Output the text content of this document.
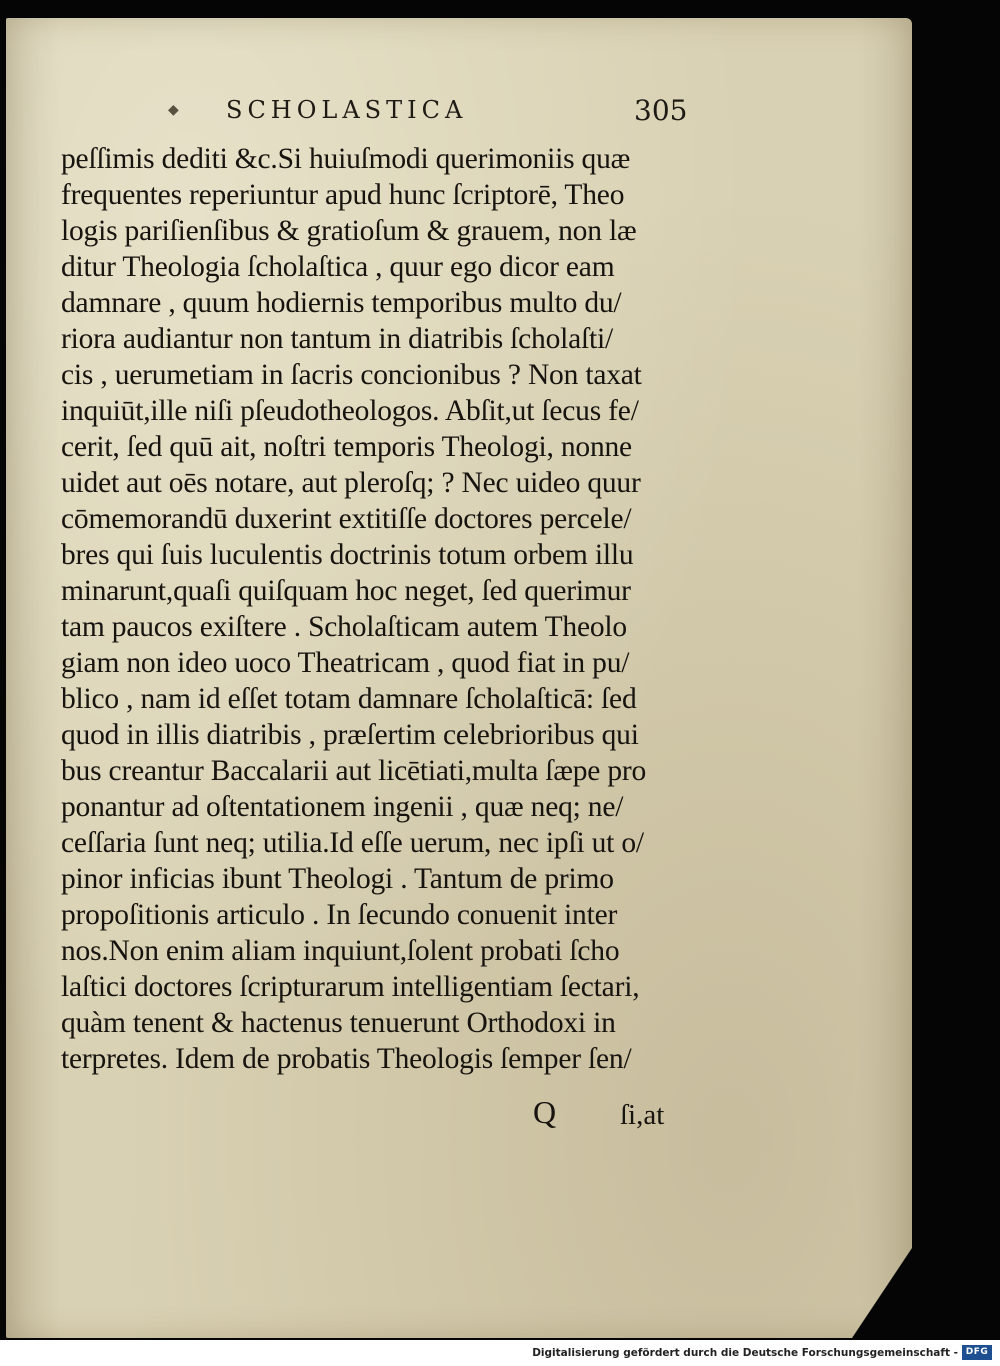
◆ SCHOLASTICA	305
peſſimis dediti &c.Si huiuſmodi querimoniis quæ
frequentes reperiuntur apud hunc ſcriptorē, Theo
logis pariſienſibus & gratioſum & grauem, non læ
ditur Theologia ſcholaſtica , quur ego dicor eam
damnare , quum hodiernis temporibus multo du/
riora audiantur non tantum in diatribis ſcholaſti/
cis , uerumetiam in ſacris concionibus ? Non taxat
inquiūt,ille niſi pſeudotheologos. Abſit,ut ſecus fe/
cerit, ſed quū ait, noſtri temporis Theologi, nonne
uidet aut oēs notare, aut pleroſq; ? Nec uideo quur
cōmemorandū duxerint extitiſſe doctores percele/
bres qui ſuis luculentis doctrinis totum orbem illu
minarunt,quaſi quiſquam hoc neget, ſed querimur
tam paucos exiſtere . Scholaſticam autem Theolo
giam non ideo uoco Theatricam , quod fiat in pu/
blico , nam id eſſet totam damnare ſcholaſticā: ſed
quod in illis diatribis , præſertim celebrioribus qui
bus creantur Baccalarii aut licētiati,multa ſæpe pro
ponantur ad oſtentationem ingenii , quæ neq; ne/
ceſſaria ſunt neq; utilia.Id eſſe uerum, nec ipſi ut o/
pinor inficias ibunt Theologi . Tantum de primo
propoſitionis articulo . In ſecundo conuenit inter
nos.Non enim aliam inquiunt,ſolent probati ſcho
laſtici doctores ſcripturarum intelligentiam ſectari,
quàm tenent & hactenus tenuerunt Orthodoxi in
terpretes. Idem de probatis Theologis ſemper ſen/
Q ſi,at
Digitalisierung gefördert durch die Deutsche Forschungsgemeinschaft - DFG
